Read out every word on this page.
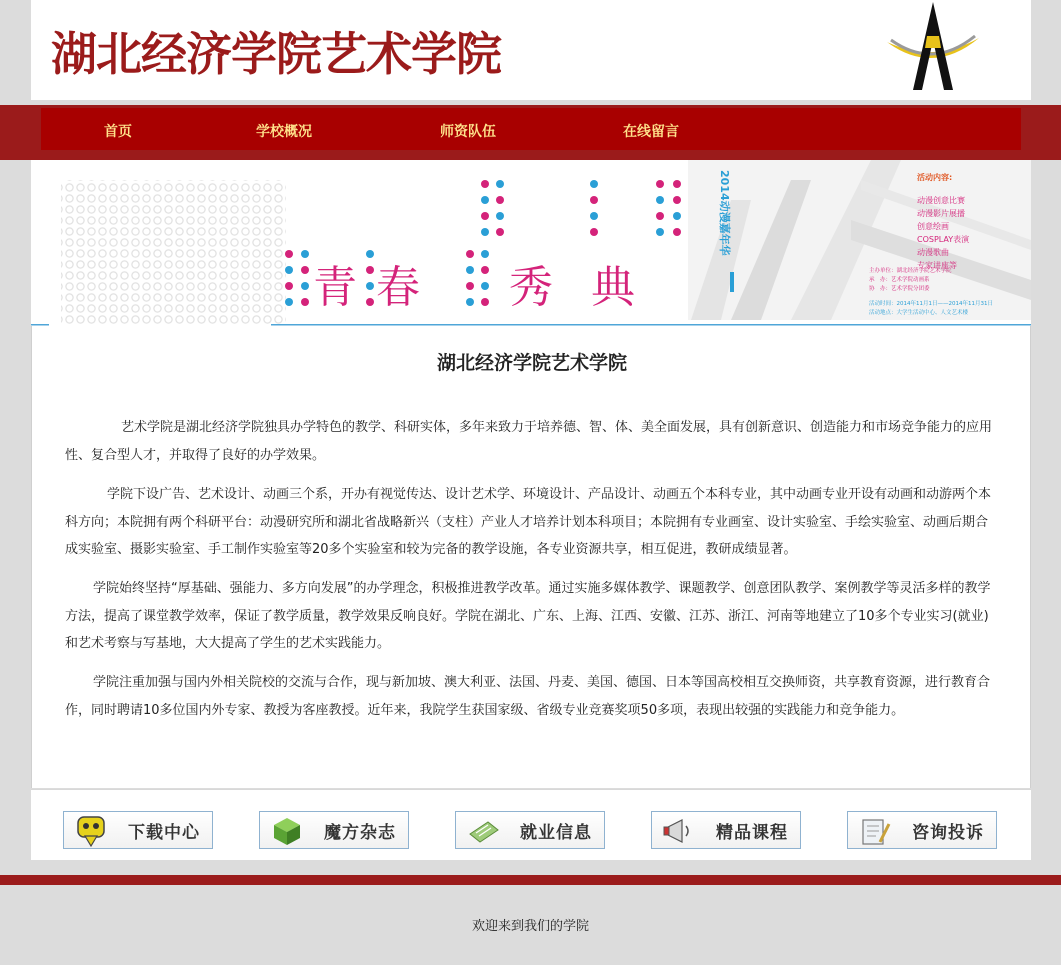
湖北经济学院艺术学院
首页	学校概况	师资队伍	在线留言
青 春 秀 典
2014动漫嘉年华	活动内容:
动漫创意比赛
动漫影片展播
创意绘画
COSPLAY表演
动漫歌曲
专家讲座等
主办单位：湖北经济学院艺术学院
承　办：艺术学院动画系
协　办：艺术学院分团委
活动时间：2014年11月1日——2014年11月31日
活动地点：大学生活动中心、人文艺术楼
湖北经济学院艺术学院

艺术学院是湖北经济学院独具办学特色的教学、科研实体，多年来致力于培养德、智、体、美全面发展，具有创新意识、创造能力和市场竞争能力的应用性、复合型人才，并取得了良好的办学效果。

学院下设广告、艺术设计、动画三个系，开办有视觉传达、设计艺术学、环境设计、产品设计、动画五个本科专业，其中动画专业开设有动画和动游两个本科方向；本院拥有两个科研平台：动漫研究所和湖北省战略新兴（支柱）产业人才培养计划本科项目；本院拥有专业画室、设计实验室、手绘实验室、动画后期合成实验室、摄影实验室、手工制作实验室等20多个实验室和较为完备的教学设施，各专业资源共享，相互促进，教研成绩显著。

学院始终坚持“厚基础、强能力、多方向发展”的办学理念，积极推进教学改革。通过实施多媒体教学、课题教学、创意团队教学、案例教学等灵活多样的教学方法，提高了课堂教学效率，保证了教学质量，教学效果反响良好。学院在湖北、广东、上海、江西、安徽、江苏、浙江、河南等地建立了10多个专业实习(就业)和艺术考察与写基地，大大提高了学生的艺术实践能力。

学院注重加强与国内外相关院校的交流与合作，现与新加坡、澳大利亚、法国、丹麦、美国、德国、日本等国高校相互交换师资，共享教育资源，进行教育合作，同时聘请10多位国内外专家、教授为客座教授。近年来，我院学生获国家级、省级专业竞赛奖项50多项，表现出较强的实践能力和竞争能力。

下载中心	魔方杂志	就业信息	精品课程	咨询投诉
欢迎来到我们的学院
